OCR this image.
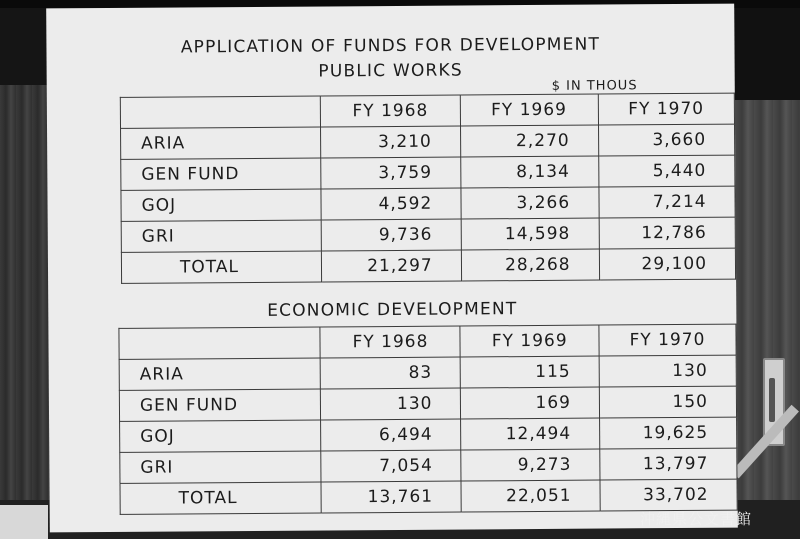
APPLICATION OF FUNDS FOR DEVELOPMENT
PUBLIC WORKS
$ IN THOUS
	FY 1968	FY 1969	FY 1970
ARIA	3,210	2,270	3,660
GEN FUND	3,759	8,134	5,440
GOJ	4,592	3,266	7,214
GRI	9,736	14,598	12,786
TOTAL	21,297	28,268	29,100
ECONOMIC DEVELOPMENT
	FY 1968	FY 1969	FY 1970
ARIA	83	115	130
GEN FUND	130	169	150
GOJ	6,494	12,494	19,625
GRI	7,054	9,273	13,797
TOTAL	13,761	22,051	33,702
沖縄県公文書館
